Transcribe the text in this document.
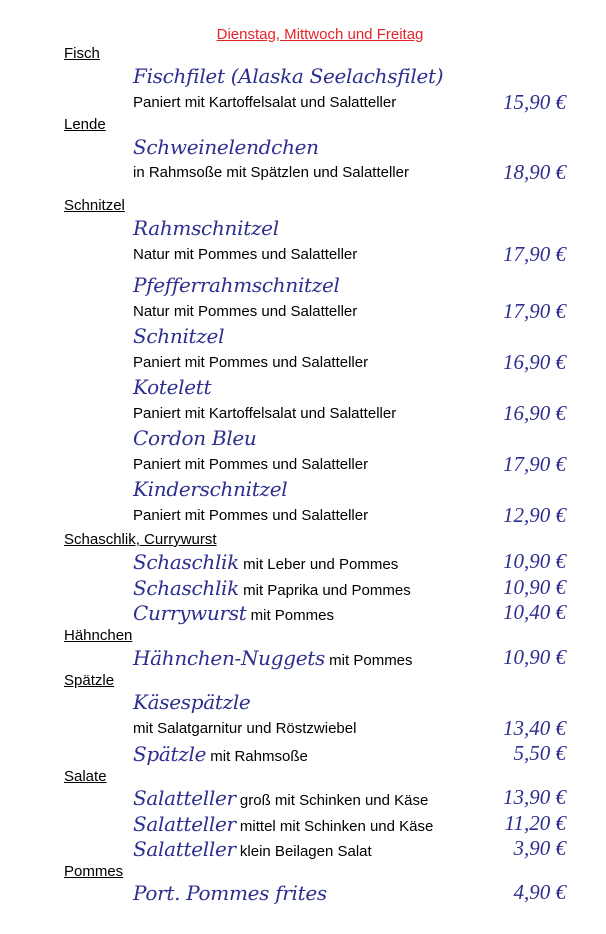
Dienstag, Mittwoch und Freitag
Fisch
Fischfilet (Alaska Seelachsfilet)
Paniert mit Kartoffelsalat und Salatteller	15,90 €
Lende
Schweinelendchen
in Rahmsoße mit Spätzlen und Salatteller	18,90 €
Schnitzel
Rahmschnitzel
Natur mit Pommes und Salatteller	17,90 €
Pfefferrahmschnitzel
Natur mit Pommes und Salatteller	17,90 €
Schnitzel
Paniert mit Pommes und Salatteller	16,90 €
Kotelett
Paniert mit Kartoffelsalat und Salatteller	16,90 €
Cordon Bleu
Paniert mit Pommes und Salatteller	17,90 €
Kinderschnitzel
Paniert mit Pommes und Salatteller	12,90 €
Schaschlik, Currywurst
Schaschlik mit Leber und Pommes	10,90 €
Schaschlik mit Paprika und Pommes	10,90 €
Currywurst mit Pommes	10,40 €
Hähnchen
Hähnchen-Nuggets mit Pommes	10,90 €
Spätzle
Käsespätzle
mit Salatgarnitur und Röstzwiebel	13,40 €
Spätzle mit Rahmsoße	5,50 €
Salate
Salatteller groß mit Schinken und Käse	13,90 €
Salatteller mittel mit Schinken und Käse	11,20 €
Salatteller klein Beilagen Salat	3,90 €
Pommes
Port. Pommes frites	4,90 €
